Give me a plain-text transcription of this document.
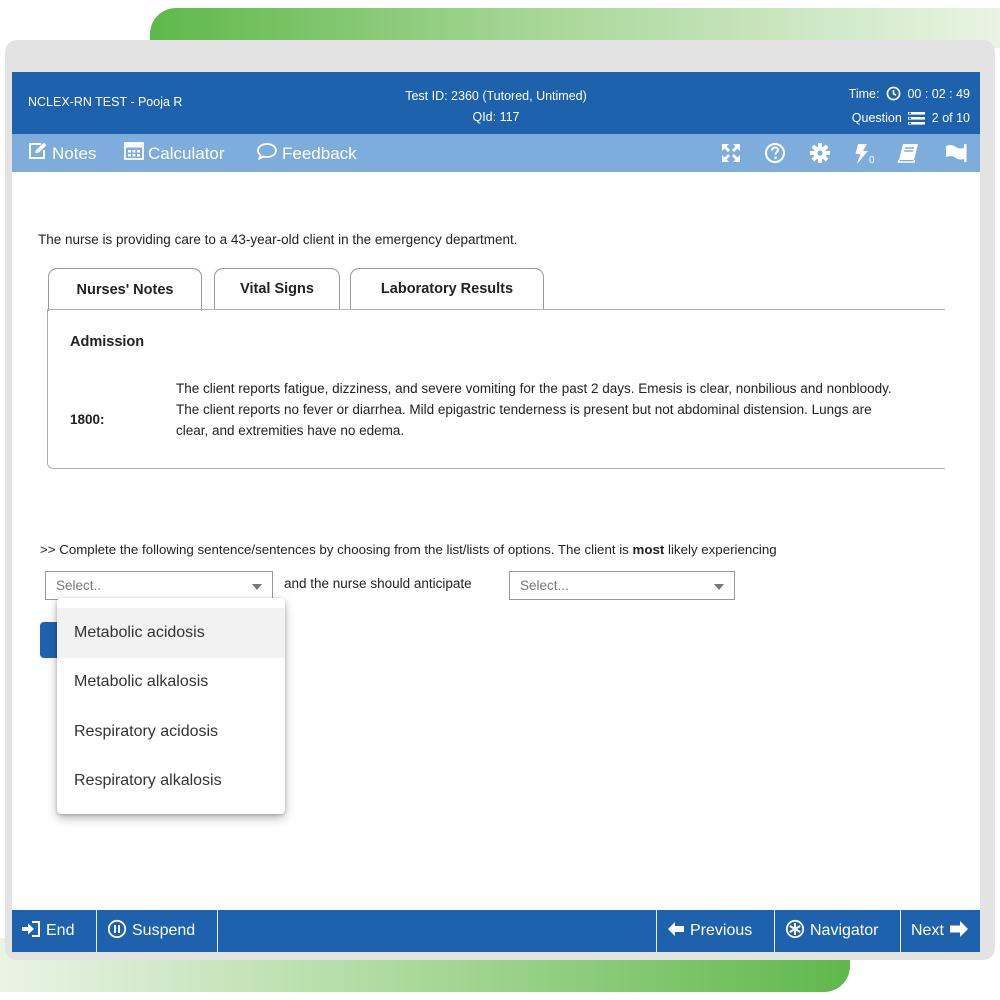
NCLEX-RN TEST - Pooja R	Test ID: 2360 (Tutored, Untimed)
QId: 117
Time: 00 : 02 : 49
Question 2 of 10
Notes	Calculator	Feedback	0
The nurse is providing care to a 43-year-old client in the emergency department.
Nurses' Notes	Vital Signs	Laboratory Results
Admission
1800:
The client reports fatigue, dizziness, and severe vomiting for the past 2 days. Emesis is clear, nonbilious and nonbloody. The client reports no fever or diarrhea. Mild epigastric tenderness is present but not abdominal distension. Lungs are clear, and extremities have no edema.
>> Complete the following sentence/sentences by choosing from the list/lists of options. The client is most likely experiencing
Select..	and the nurse should anticipate	Select...
Metabolic acidosis
Metabolic alkalosis
Respiratory acidosis
Respiratory alkalosis
End	Suspend	Previous	Navigator Next
